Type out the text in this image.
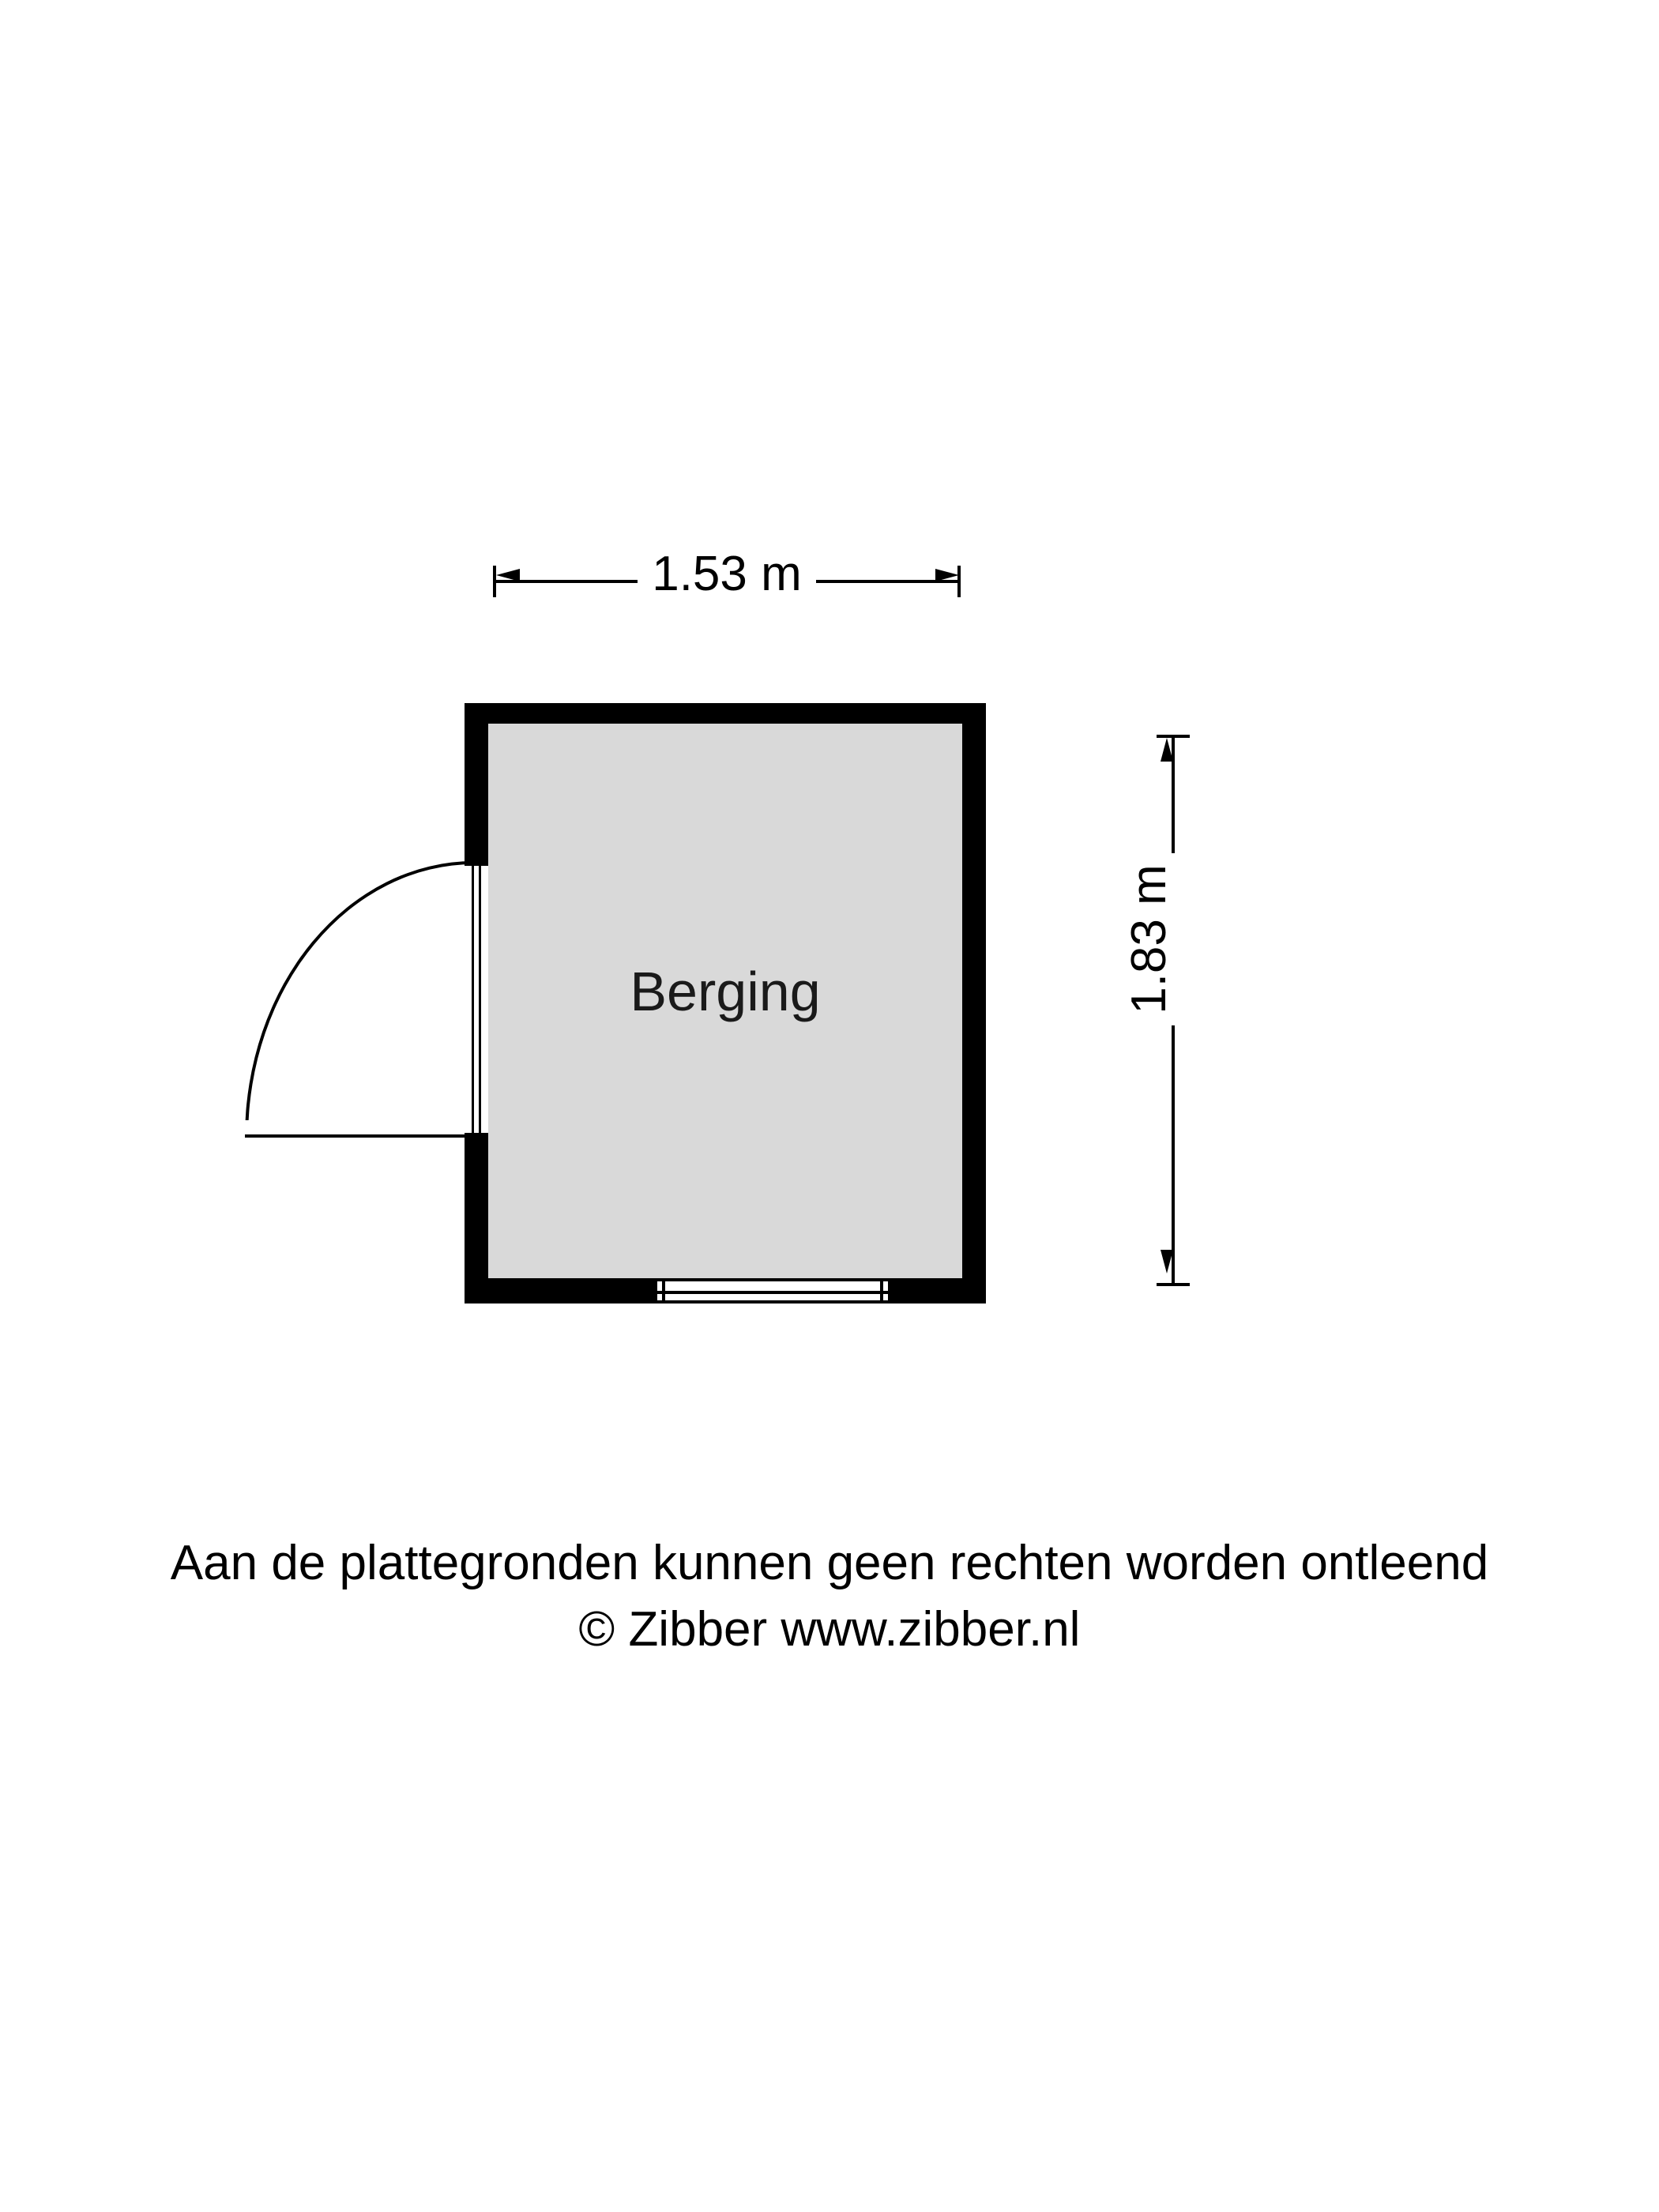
1.53 m
1.83 m
Berging
Aan de plattegronden kunnen geen rechten worden ontleend
© Zibber www.zibber.nl
